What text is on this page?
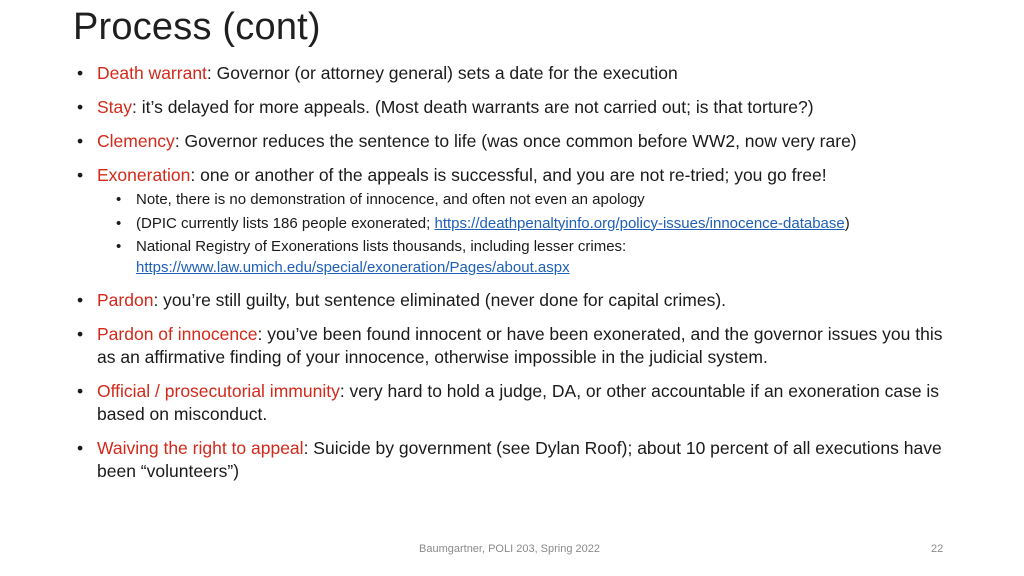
Process (cont)
• Death warrant: Governor (or attorney general) sets a date for the execution
• Stay: it’s delayed for more appeals. (Most death warrants are not carried out; is that torture?)
• Clemency: Governor reduces the sentence to life (was once common before WW2, now very rare)
• Exoneration: one or another of the appeals is successful, and you are not re-tried; you go free!
• Note, there is no demonstration of innocence, and often not even an apology
• (DPIC currently lists 186 people exonerated; https://deathpenaltyinfo.org/policy-issues/innocence-database)
• National Registry of Exonerations lists thousands, including lesser crimes: https://www.law.umich.edu/special/exoneration/Pages/about.aspx
• Pardon: you’re still guilty, but sentence eliminated (never done for capital crimes).
• Pardon of innocence: you’ve been found innocent or have been exonerated, and the governor issues you this as an affirmative finding of your innocence, otherwise impossible in the judicial system.
• Official / prosecutorial immunity: very hard to hold a judge, DA, or other accountable if an exoneration case is based on misconduct.
• Waiving the right to appeal: Suicide by government (see Dylan Roof); about 10 percent of all executions have been “volunteers”)
Baumgartner, POLI 203, Spring 2022	22
